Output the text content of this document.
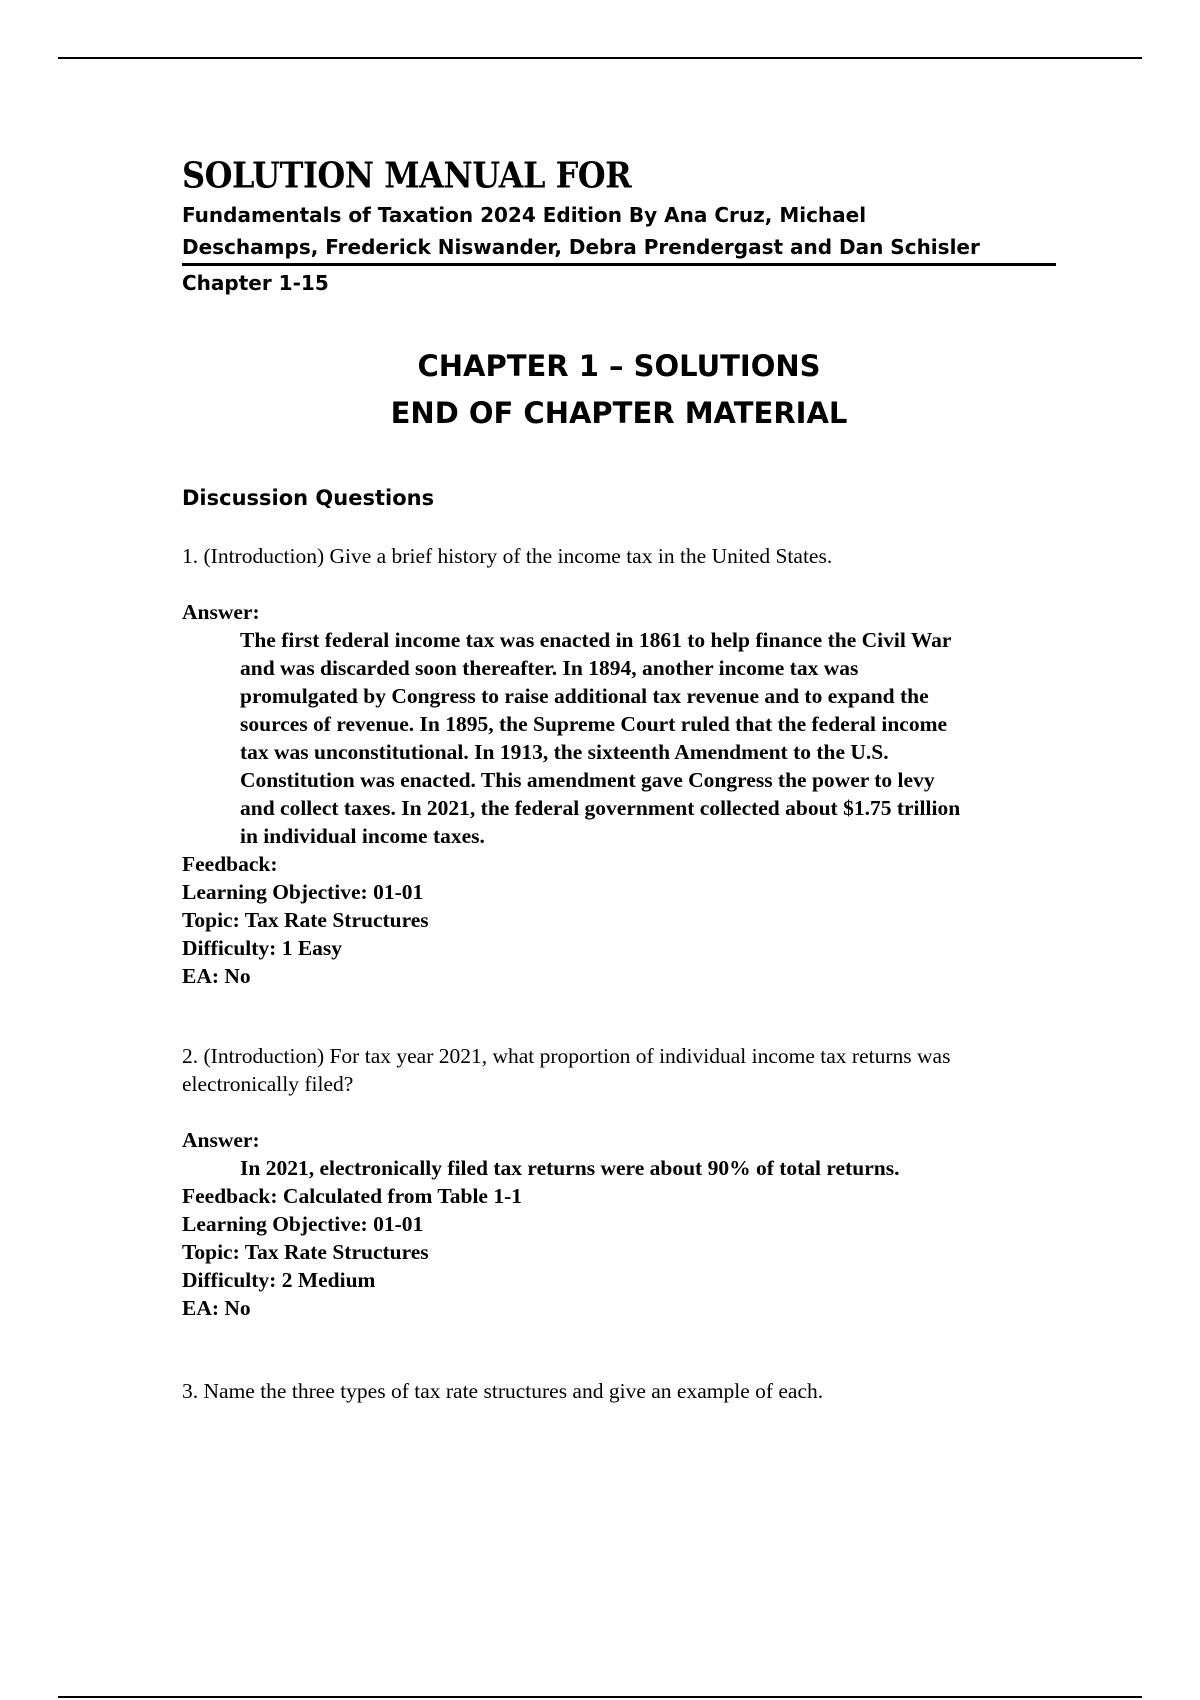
SOLUTION MANUAL FOR
Fundamentals of Taxation 2024 Edition By Ana Cruz, Michael
Deschamps, Frederick Niswander, Debra Prendergast and Dan Schisler
Chapter 1-15
CHAPTER 1 – SOLUTIONS
END OF CHAPTER MATERIAL
Discussion Questions

1. (Introduction) Give a brief history of the income tax in the United States.

Answer:

The first federal income tax was enacted in 1861 to help finance the Civil War
and was discarded soon thereafter. In 1894, another income tax was
promulgated by Congress to raise additional tax revenue and to expand the
sources of revenue. In 1895, the Supreme Court ruled that the federal income
tax was unconstitutional. In 1913, the sixteenth Amendment to the U.S.
Constitution was enacted. This amendment gave Congress the power to levy
and collect taxes. In 2021, the federal government collected about $1.75 trillion
in individual income taxes.
Feedback:
Learning Objective: 01-01
Topic: Tax Rate Structures
Difficulty: 1 Easy
EA: No
2. (Introduction) For tax year 2021, what proportion of individual income tax returns was
electronically filed?

Answer:

In 2021, electronically filed tax returns were about 90% of total returns.
Feedback: Calculated from Table 1-1
Learning Objective: 01-01
Topic: Tax Rate Structures
Difficulty: 2 Medium
EA: No

3. Name the three types of tax rate structures and give an example of each.
